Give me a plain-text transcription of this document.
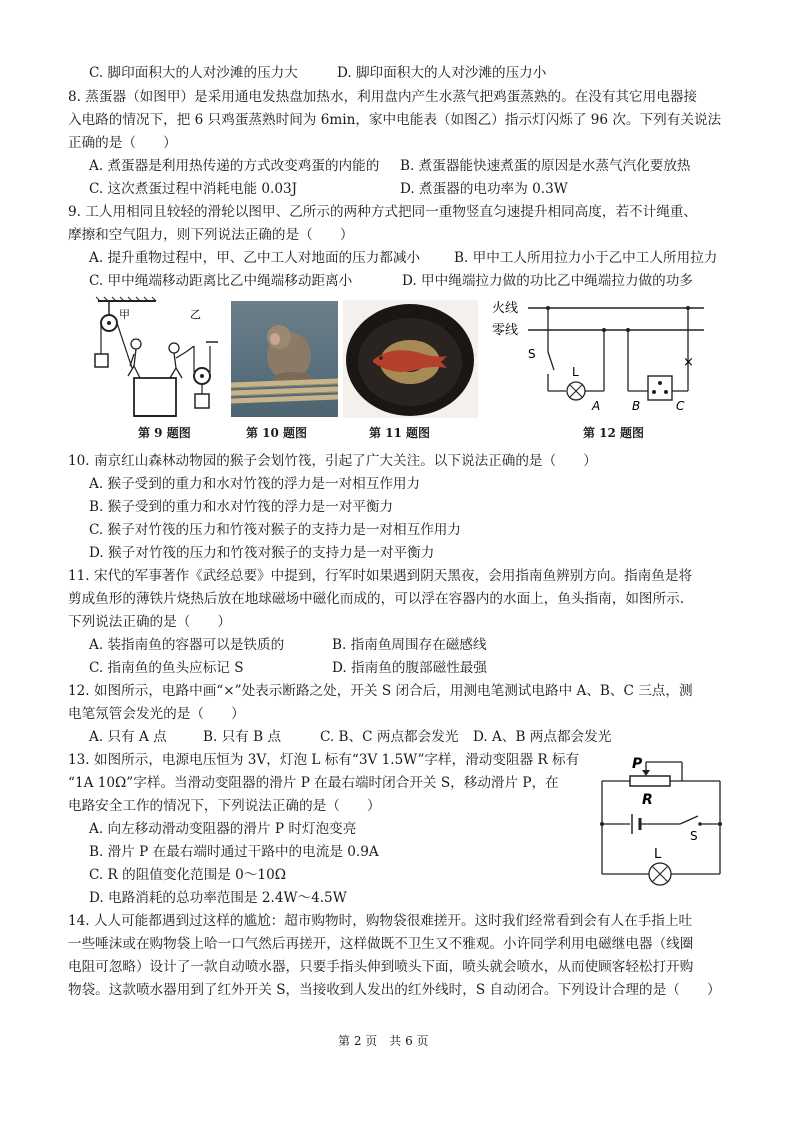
C. 脚印面积大的人对沙滩的压力大	D. 脚印面积大的人对沙滩的压力小
8. 蒸蛋器（如图甲）是采用通电发热盘加热水，利用盘内产生水蒸气把鸡蛋蒸熟的。在没有其它用电器接
入电路的情况下，把 6 只鸡蛋蒸熟时间为 6min，家中电能表（如图乙）指示灯闪烁了 96 次。下列有关说法
正确的是（　　）
A. 煮蛋器是利用热传递的方式改变鸡蛋的内能的 B. 煮蛋器能快速煮蛋的原因是水蒸气汽化要放热
C. 这次煮蛋过程中消耗电能 0.03J	D. 煮蛋器的电功率为 0.3W
9. 工人用相同且较轻的滑轮以图甲、乙所示的两种方式把同一重物竖直匀速提升相同高度，若不计绳重、
摩擦和空气阻力，则下列说法正确的是（　　）
A. 提升重物过程中，甲、乙中工人对地面的压力都减小 B. 甲中工人所用拉力小于乙中工人所用拉力
C. 甲中绳端移动距离比乙中绳端移动距离小	D. 甲中绳端拉力做的功比乙中绳端拉力做的功多
甲	乙
第 9 题图	第 10 题图	第 11 题图
火线
零线
S
L
A
×
B	C
第 12 题图
10. 南京红山森林动物园的猴子会划竹筏，引起了广大关注。以下说法正确的是（　　）
A. 猴子受到的重力和水对竹筏的浮力是一对相互作用力
B. 猴子受到的重力和水对竹筏的浮力是一对平衡力
C. 猴子对竹筏的压力和竹筏对猴子的支持力是一对相互作用力
D. 猴子对竹筏的压力和竹筏对猴子的支持力是一对平衡力
11. 宋代的军事著作《武经总要》中提到，行军时如果遇到阴天黑夜，会用指南鱼辨别方向。指南鱼是将
剪成鱼形的薄铁片烧热后放在地球磁场中磁化而成的，可以浮在容器内的水面上，鱼头指南，如图所示.
下列说法正确的是（　　）
A. 装指南鱼的容器可以是铁质的	B. 指南鱼周围存在磁感线
C. 指南鱼的鱼头应标记 S	D. 指南鱼的腹部磁性最强
12. 如图所示，电路中画“×”处表示断路之处，开关 S 闭合后，用测电笔测试电路中 A、B、C 三点，测
电笔氖管会发光的是（　　）
A. 只有 A 点	B. 只有 B 点	C. B、C 两点都会发光 D. A、B 两点都会发光
13. 如图所示，电源电压恒为 3V，灯泡 L 标有“3V 1.5W”字样，滑动变阻器 R 标有
“1A 10Ω”字样。当滑动变阻器的滑片 P 在最右端时闭合开关 S，移动滑片 P，在
电路安全工作的情况下，下列说法正确的是（　　）
A. 向左移动滑动变阻器的滑片 P 时灯泡变亮
B. 滑片 P 在最右端时通过干路中的电流是 0.9A
C. R 的阻值变化范围是 0～10Ω
D. 电路消耗的总功率范围是 2.4W～4.5W
P
R
S
L
14. 人人可能都遇到过这样的尴尬：超市购物时，购物袋很难搓开。这时我们经常看到会有人在手指上吐
一些唾沫或在购物袋上哈一口气然后再搓开，这样做既不卫生又不雅观。小许同学利用电磁继电器（线圈
电阻可忽略）设计了一款自动喷水器，只要手指头伸到喷头下面，喷头就会喷水，从而使顾客轻松打开购
物袋。这款喷水器用到了红外开关 S，当接收到人发出的红外线时，S 自动闭合。下列设计合理的是（　　）
第 2 页　共 6 页
